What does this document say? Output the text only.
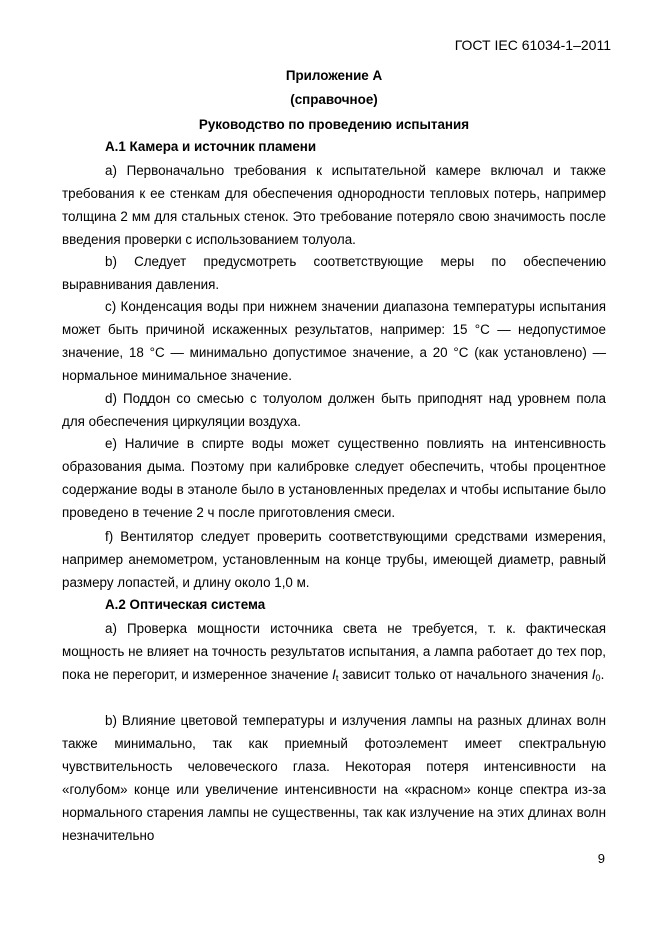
ГОСТ IEC 61034-1–2011
Приложение А
(справочное)
Руководство по проведению испытания
А.1 Камера и источник пламени

а) Первоначально требования к испытательной камере включал и также требования к ее стенкам для обеспечения однородности тепловых потерь, например толщина 2 мм для стальных стенок. Это требование потеряло свою значимость после введения проверки с использованием толуола.

b) Следует предусмотреть соответствующие меры по обеспечению выравнивания давления.

с) Конденсация воды при нижнем значении диапазона температуры испытания может быть причиной искаженных результатов, например: 15 °С — недопустимое значение, 18 °С — минимально допустимое значение, а 20 °С (как установлено) — нормальное минимальное значение.

d) Поддон со смесью с толуолом должен быть приподнят над уровнем пола для обеспечения циркуляции воздуха.

е) Наличие в спирте воды может существенно повлиять на интенсивность образования дыма. Поэтому при калибровке следует обеспечить, чтобы процентное содержание воды в этаноле было в установленных пределах и чтобы испытание было проведено в течение 2 ч после приготовления смеси.

f) Вентилятор следует проверить соответствующими средствами измерения, например анемометром, установленным на конце трубы, имеющей диаметр, равный размеру лопастей, и длину около 1,0 м.

А.2 Оптическая система

а) Проверка мощности источника света не требуется, т. к. фактическая мощность не влияет на точность результатов испытания, а лампа работает до тех пор, пока не перегорит, и измеренное значение $I_t$ зависит только от начального значения $I_0$.

b) Влияние цветовой температуры и излучения лампы на разных длинах волн также минимально, так как приемный фотоэлемент имеет спектральную чувствительность человеческого глаза. Некоторая потеря интенсивности на «голубом» конце или увеличение интенсивности на «красном» конце спектра из-за нормального старения лампы не существенны, так как излучение на этих длинах волн незначительно

9
